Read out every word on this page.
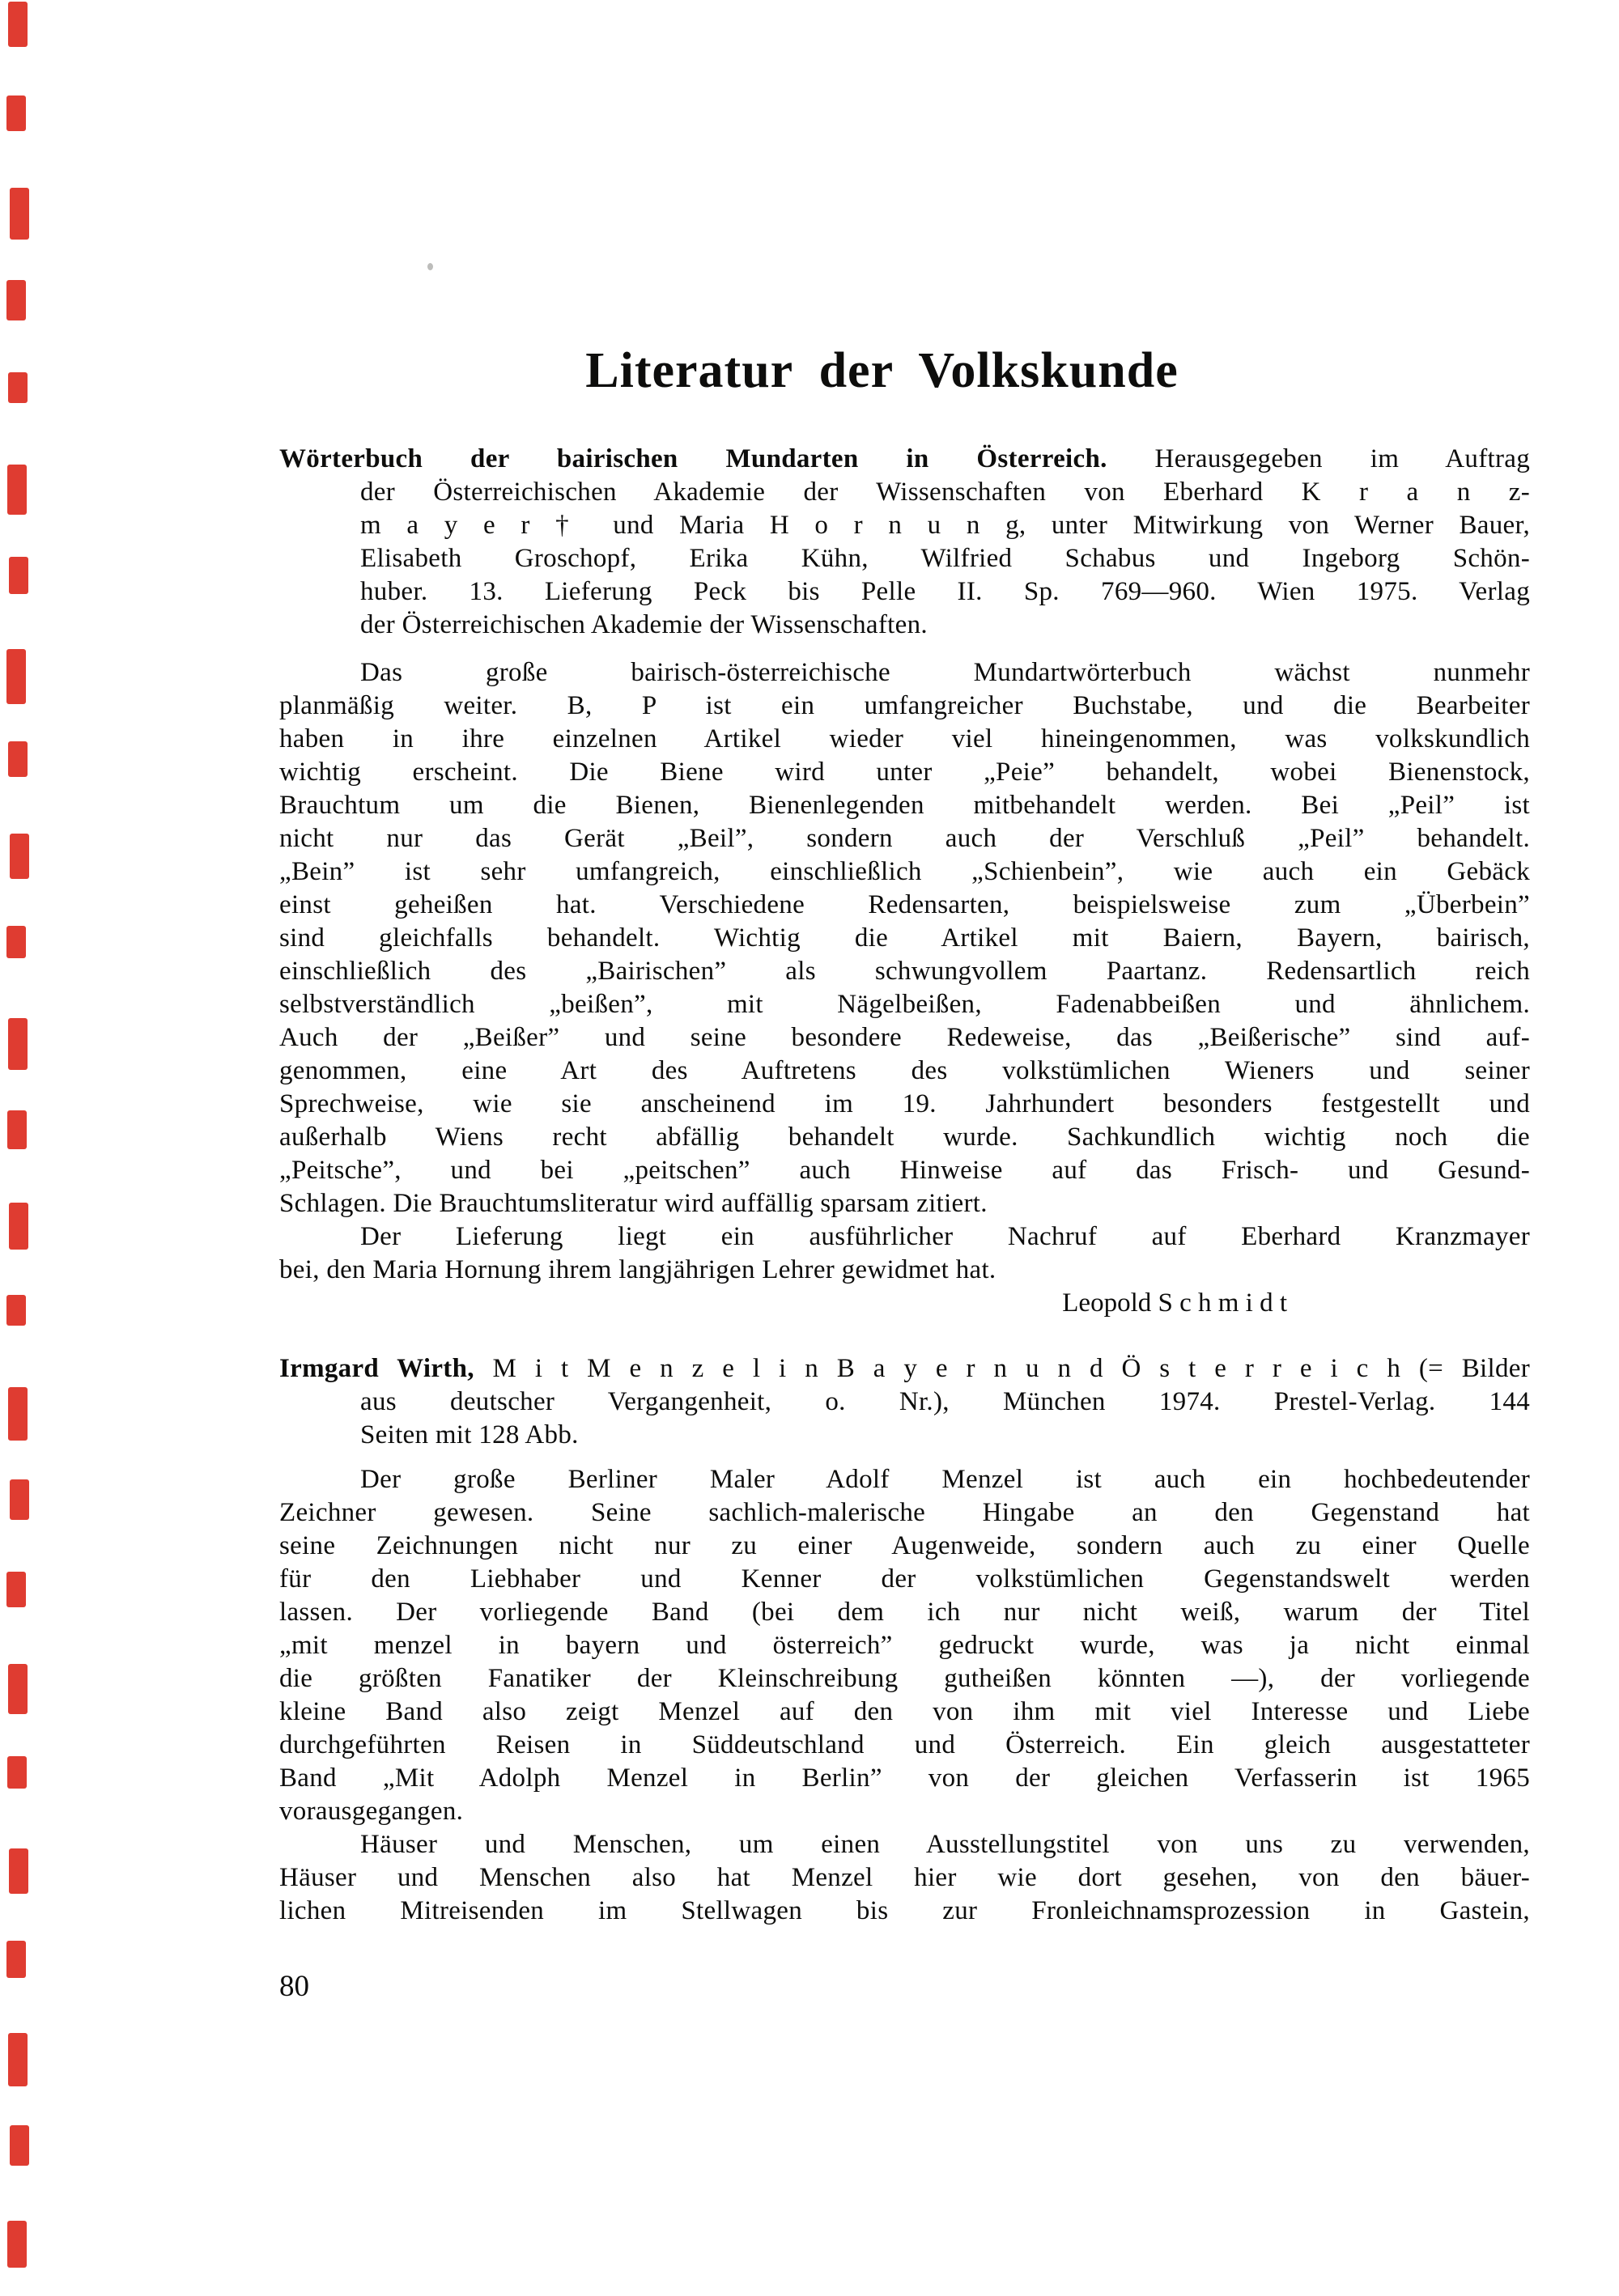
Literatur der Volkskunde
Wörterbuch der bairischen Mundarten in Österreich. Herausgegeben im Auftrag
der Österreichischen Akademie der Wissenschaften von Eberhard K r a n z-
m a y e r † und Maria H o r n u n g, unter Mitwirkung von Werner Bauer,
Elisabeth Groschopf, Erika Kühn, Wilfried Schabus und Ingeborg Schön-
huber. 13. Lieferung Peck bis Pelle II. Sp. 769—960. Wien 1975. Verlag
der Österreichischen Akademie der Wissenschaften.
Das große bairisch-österreichische Mundartwörterbuch wächst nunmehr
planmäßig weiter. B, P ist ein umfangreicher Buchstabe, und die Bearbeiter
haben in ihre einzelnen Artikel wieder viel hineingenommen, was volkskundlich
wichtig erscheint. Die Biene wird unter „Peie” behandelt, wobei Bienenstock,
Brauchtum um die Bienen, Bienenlegenden mitbehandelt werden. Bei „Peil” ist
nicht nur das Gerät „Beil”, sondern auch der Verschluß „Peil” behandelt.
„Bein” ist sehr umfangreich, einschließlich „Schienbein”, wie auch ein Gebäck
einst geheißen hat. Verschiedene Redensarten, beispielsweise zum „Überbein”
sind gleichfalls behandelt. Wichtig die Artikel mit Baiern, Bayern, bairisch,
einschließlich des „Bairischen” als schwungvollem Paartanz. Redensartlich reich
selbstverständlich „beißen”, mit Nägelbeißen, Fadenabbeißen und ähnlichem.
Auch der „Beißer” und seine besondere Redeweise, das „Beißerische” sind auf-
genommen, eine Art des Auftretens des volkstümlichen Wieners und seiner
Sprechweise, wie sie anscheinend im 19. Jahrhundert besonders festgestellt und
außerhalb Wiens recht abfällig behandelt wurde. Sachkundlich wichtig noch die
„Peitsche”, und bei „peitschen” auch Hinweise auf das Frisch- und Gesund-
Schlagen. Die Brauchtumsliteratur wird auffällig sparsam zitiert.
Der Lieferung liegt ein ausführlicher Nachruf auf Eberhard Kranzmayer
bei, den Maria Hornung ihrem langjährigen Lehrer gewidmet hat.
Leopold S c h m i d t
Irmgard Wirth, M i t M e n z e l i n B a y e r n u n d Ö s t e r r e i c h (= Bilder
aus deutscher Vergangenheit, o. Nr.), München 1974. Prestel-Verlag. 144
Seiten mit 128 Abb.
Der große Berliner Maler Adolf Menzel ist auch ein hochbedeutender
Zeichner gewesen. Seine sachlich-malerische Hingabe an den Gegenstand hat
seine Zeichnungen nicht nur zu einer Augenweide, sondern auch zu einer Quelle
für den Liebhaber und Kenner der volkstümlichen Gegenstandswelt werden
lassen. Der vorliegende Band (bei dem ich nur nicht weiß, warum der Titel
„mit menzel in bayern und österreich” gedruckt wurde, was ja nicht einmal
die größten Fanatiker der Kleinschreibung gutheißen könnten —), der vorliegende
kleine Band also zeigt Menzel auf den von ihm mit viel Interesse und Liebe
durchgeführten Reisen in Süddeutschland und Österreich. Ein gleich ausgestatteter
Band „Mit Adolph Menzel in Berlin” von der gleichen Verfasserin ist 1965
vorausgegangen.
Häuser und Menschen, um einen Ausstellungstitel von uns zu verwenden,
Häuser und Menschen also hat Menzel hier wie dort gesehen, von den bäuer-
lichen Mitreisenden im Stellwagen bis zur Fronleichnamsprozession in Gastein,
80
